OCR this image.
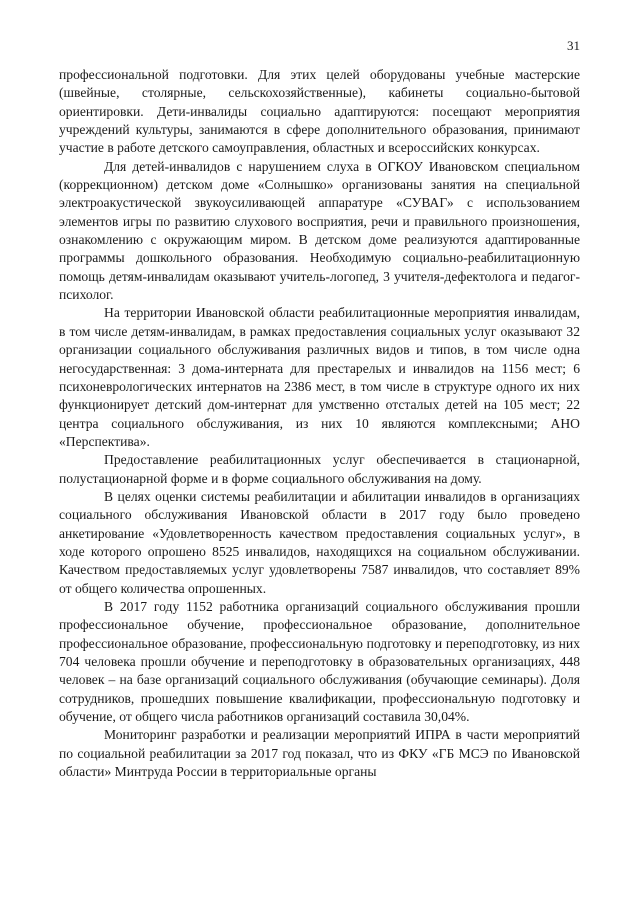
31

профессиональной подготовки. Для этих целей оборудованы учебные мастерские (швейные, столярные, сельскохозяйственные), кабинеты социально-бытовой ориентировки. Дети-инвалиды социально адаптируются: посещают мероприятия учреждений культуры, занимаются в сфере дополнительного образования, принимают участие в работе детского самоуправления, областных и всероссийских конкурсах.

Для детей-инвалидов с нарушением слуха в ОГКОУ Ивановском специальном (коррекционном) детском доме «Солнышко» организованы занятия на специальной электроакустической звукоусиливающей аппаратуре «СУВАГ» с использованием элементов игры по развитию слухового восприятия, речи и правильного произношения, ознакомлению с окружающим миром. В детском доме реализуются адаптированные программы дошкольного образования. Необходимую социально-реабилитационную помощь детям-инвалидам оказывают учитель-логопед, 3 учителя-дефектолога и педагог-психолог.

На территории Ивановской области реабилитационные мероприятия инвалидам, в том числе детям-инвалидам, в рамках предоставления социальных услуг оказывают 32 организации социального обслуживания различных видов и типов, в том числе одна негосударственная: 3 дома-интерната для престарелых и инвалидов на 1156 мест; 6 психоневрологических интернатов на 2386 мест, в том числе в структуре одного их них функционирует детский дом-интернат для умственно отсталых детей на 105 мест; 22 центра социального обслуживания, из них 10 являются комплексными; АНО «Перспектива».

Предоставление реабилитационных услуг обеспечивается в стационарной, полустационарной форме и в форме социального обслуживания на дому.

В целях оценки системы реабилитации и абилитации инвалидов в организациях социального обслуживания Ивановской области в 2017 году было проведено анкетирование «Удовлетворенность качеством предоставления социальных услуг», в ходе которого опрошено 8525 инвалидов, находящихся на социальном обслуживании. Качеством предоставляемых услуг удовлетворены 7587 инвалидов, что составляет 89% от общего количества опрошенных.

В 2017 году 1152 работника организаций социального обслуживания прошли профессиональное обучение, профессиональное образование, дополнительное профессиональное образование, профессиональную подготовку и переподготовку, из них 704 человека прошли обучение и переподготовку в образовательных организациях, 448 человек – на базе организаций социального обслуживания (обучающие семинары). Доля сотрудников, прошедших повышение квалификации, профессиональную подготовку и обучение, от общего числа работников организаций составила 30,04%.

Мониторинг разработки и реализации мероприятий ИПРА в части мероприятий по социальной реабилитации за 2017 год показал, что из ФКУ «ГБ МСЭ по Ивановской области» Минтруда России в территориальные органы
